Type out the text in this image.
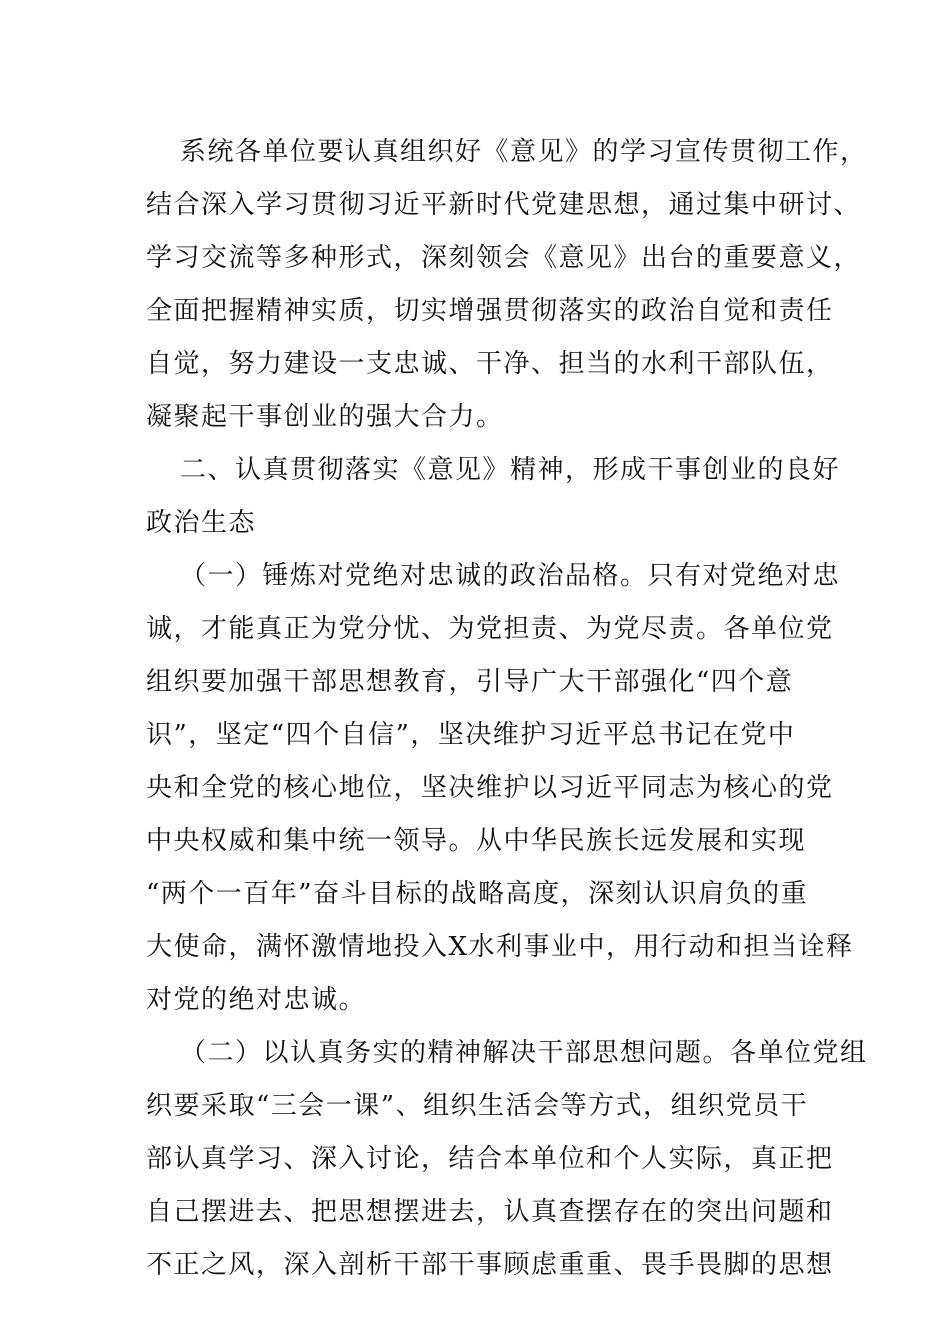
系统各单位要认真组织好《意见》的学习宣传贯彻工作，
结合深入学习贯彻习近平新时代党建思想，通过集中研讨、
学习交流等多种形式，深刻领会《意见》出台的重要意义，
全面把握精神实质，切实增强贯彻落实的政治自觉和责任
自觉，努力建设一支忠诚、干净、担当的水利干部队伍，
凝聚起干事创业的强大合力。
二、认真贯彻落实《意见》精神，形成干事创业的良好
政治生态
（一）锤炼对党绝对忠诚的政治品格。只有对党绝对忠
诚，才能真正为党分忧、为党担责、为党尽责。各单位党
组织要加强干部思想教育，引导广大干部强化“四个意
识”，坚定“四个自信”，坚决维护习近平总书记在党中
央和全党的核心地位，坚决维护以习近平同志为核心的党
中央权威和集中统一领导。从中华民族长远发展和实现
“两个一百年”奋斗目标的战略高度，深刻认识肩负的重
大使命，满怀激情地投入X水利事业中，用行动和担当诠释
对党的绝对忠诚。
（二）以认真务实的精神解决干部思想问题。各单位党组
织要采取“三会一课”、组织生活会等方式，组织党员干
部认真学习、深入讨论，结合本单位和个人实际，真正把
自己摆进去、把思想摆进去，认真查摆存在的突出问题和
不正之风，深入剖析干部干事顾虑重重、畏手畏脚的思想
